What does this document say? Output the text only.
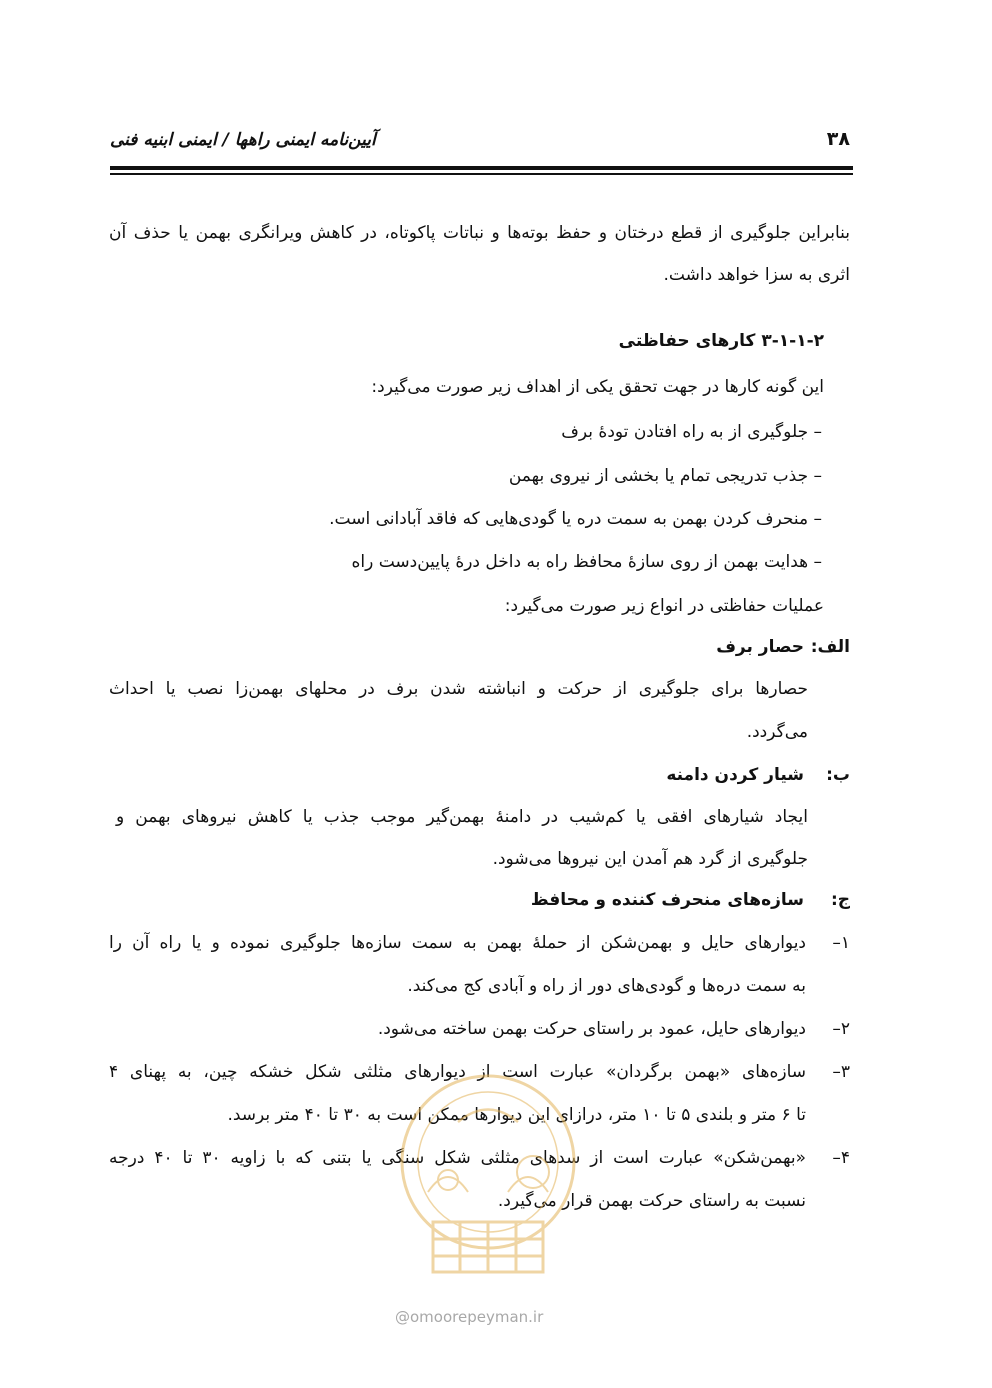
۳۸
آیین‌نامه ایمنی راهها / ایمنی ابنیه فنی
بنابراین جلوگیری از قطع درختان و حفظ بوته‌ها و نباتات پاکوتاه، در کاهش ویرانگری بهمن یا حذف آن
اثری به سزا خواهد داشت.
۳-۱-۱-۲ کارهای حفاظتی
این گونه کارها در جهت تحقق یکی از اهداف زیر صورت می‌گیرد:
– جلوگیری از به راه افتادن تودهٔ برف
– جذب تدریجی تمام یا بخشی از نیروی بهمن
– منحرف کردن بهمن به سمت دره یا گودی‌هایی که فاقد آبادانی است.
– هدایت بهمن از روی سازهٔ محافظ راه به داخل درهٔ پایین‌دست راه
عملیات حفاظتی در انواع زیر صورت می‌گیرد:
الف:
حصار برف
حصارها برای جلوگیری از حرکت و انباشته شدن برف در محلهای بهمن‌زا نصب یا احداث
می‌گردد.
ب:
شیار کردن دامنه
ایجاد شیارهای افقی یا کم‌شیب در دامنهٔ بهمن‌گیر موجب جذب یا کاهش نیروهای بهمن و
جلوگیری از گرد هم آمدن این نیروها می‌شود.
ج:
سازه‌های منحرف کننده و محافظ
۱–
دیوارهای حایل و بهمن‌شکن از حملهٔ بهمن به سمت سازه‌ها جلوگیری نموده و یا راه آن را
به سمت دره‌ها و گودی‌های دور از راه و آبادی کج می‌کند.
۲–
دیوارهای حایل، عمود بر راستای حرکت بهمن ساخته می‌شود.
۳–
سازه‌های «بهمن برگردان» عبارت است از دیوارهای مثلثی شکل خشکه چین، به پهنای ۴
تا ۶ متر و بلندی ۵ تا ۱۰ متر، درازای این دیوارها ممکن است به ۳۰ تا ۴۰ متر برسد.
۴–
«بهمن‌شکن» عبارت است از سدهای مثلثی شکل سنگی یا بتنی که با زاویه ۳۰ تا ۴۰ درجه
نسبت به راستای حرکت بهمن قرار می‌گیرد.
@omoorepeyman.ir
